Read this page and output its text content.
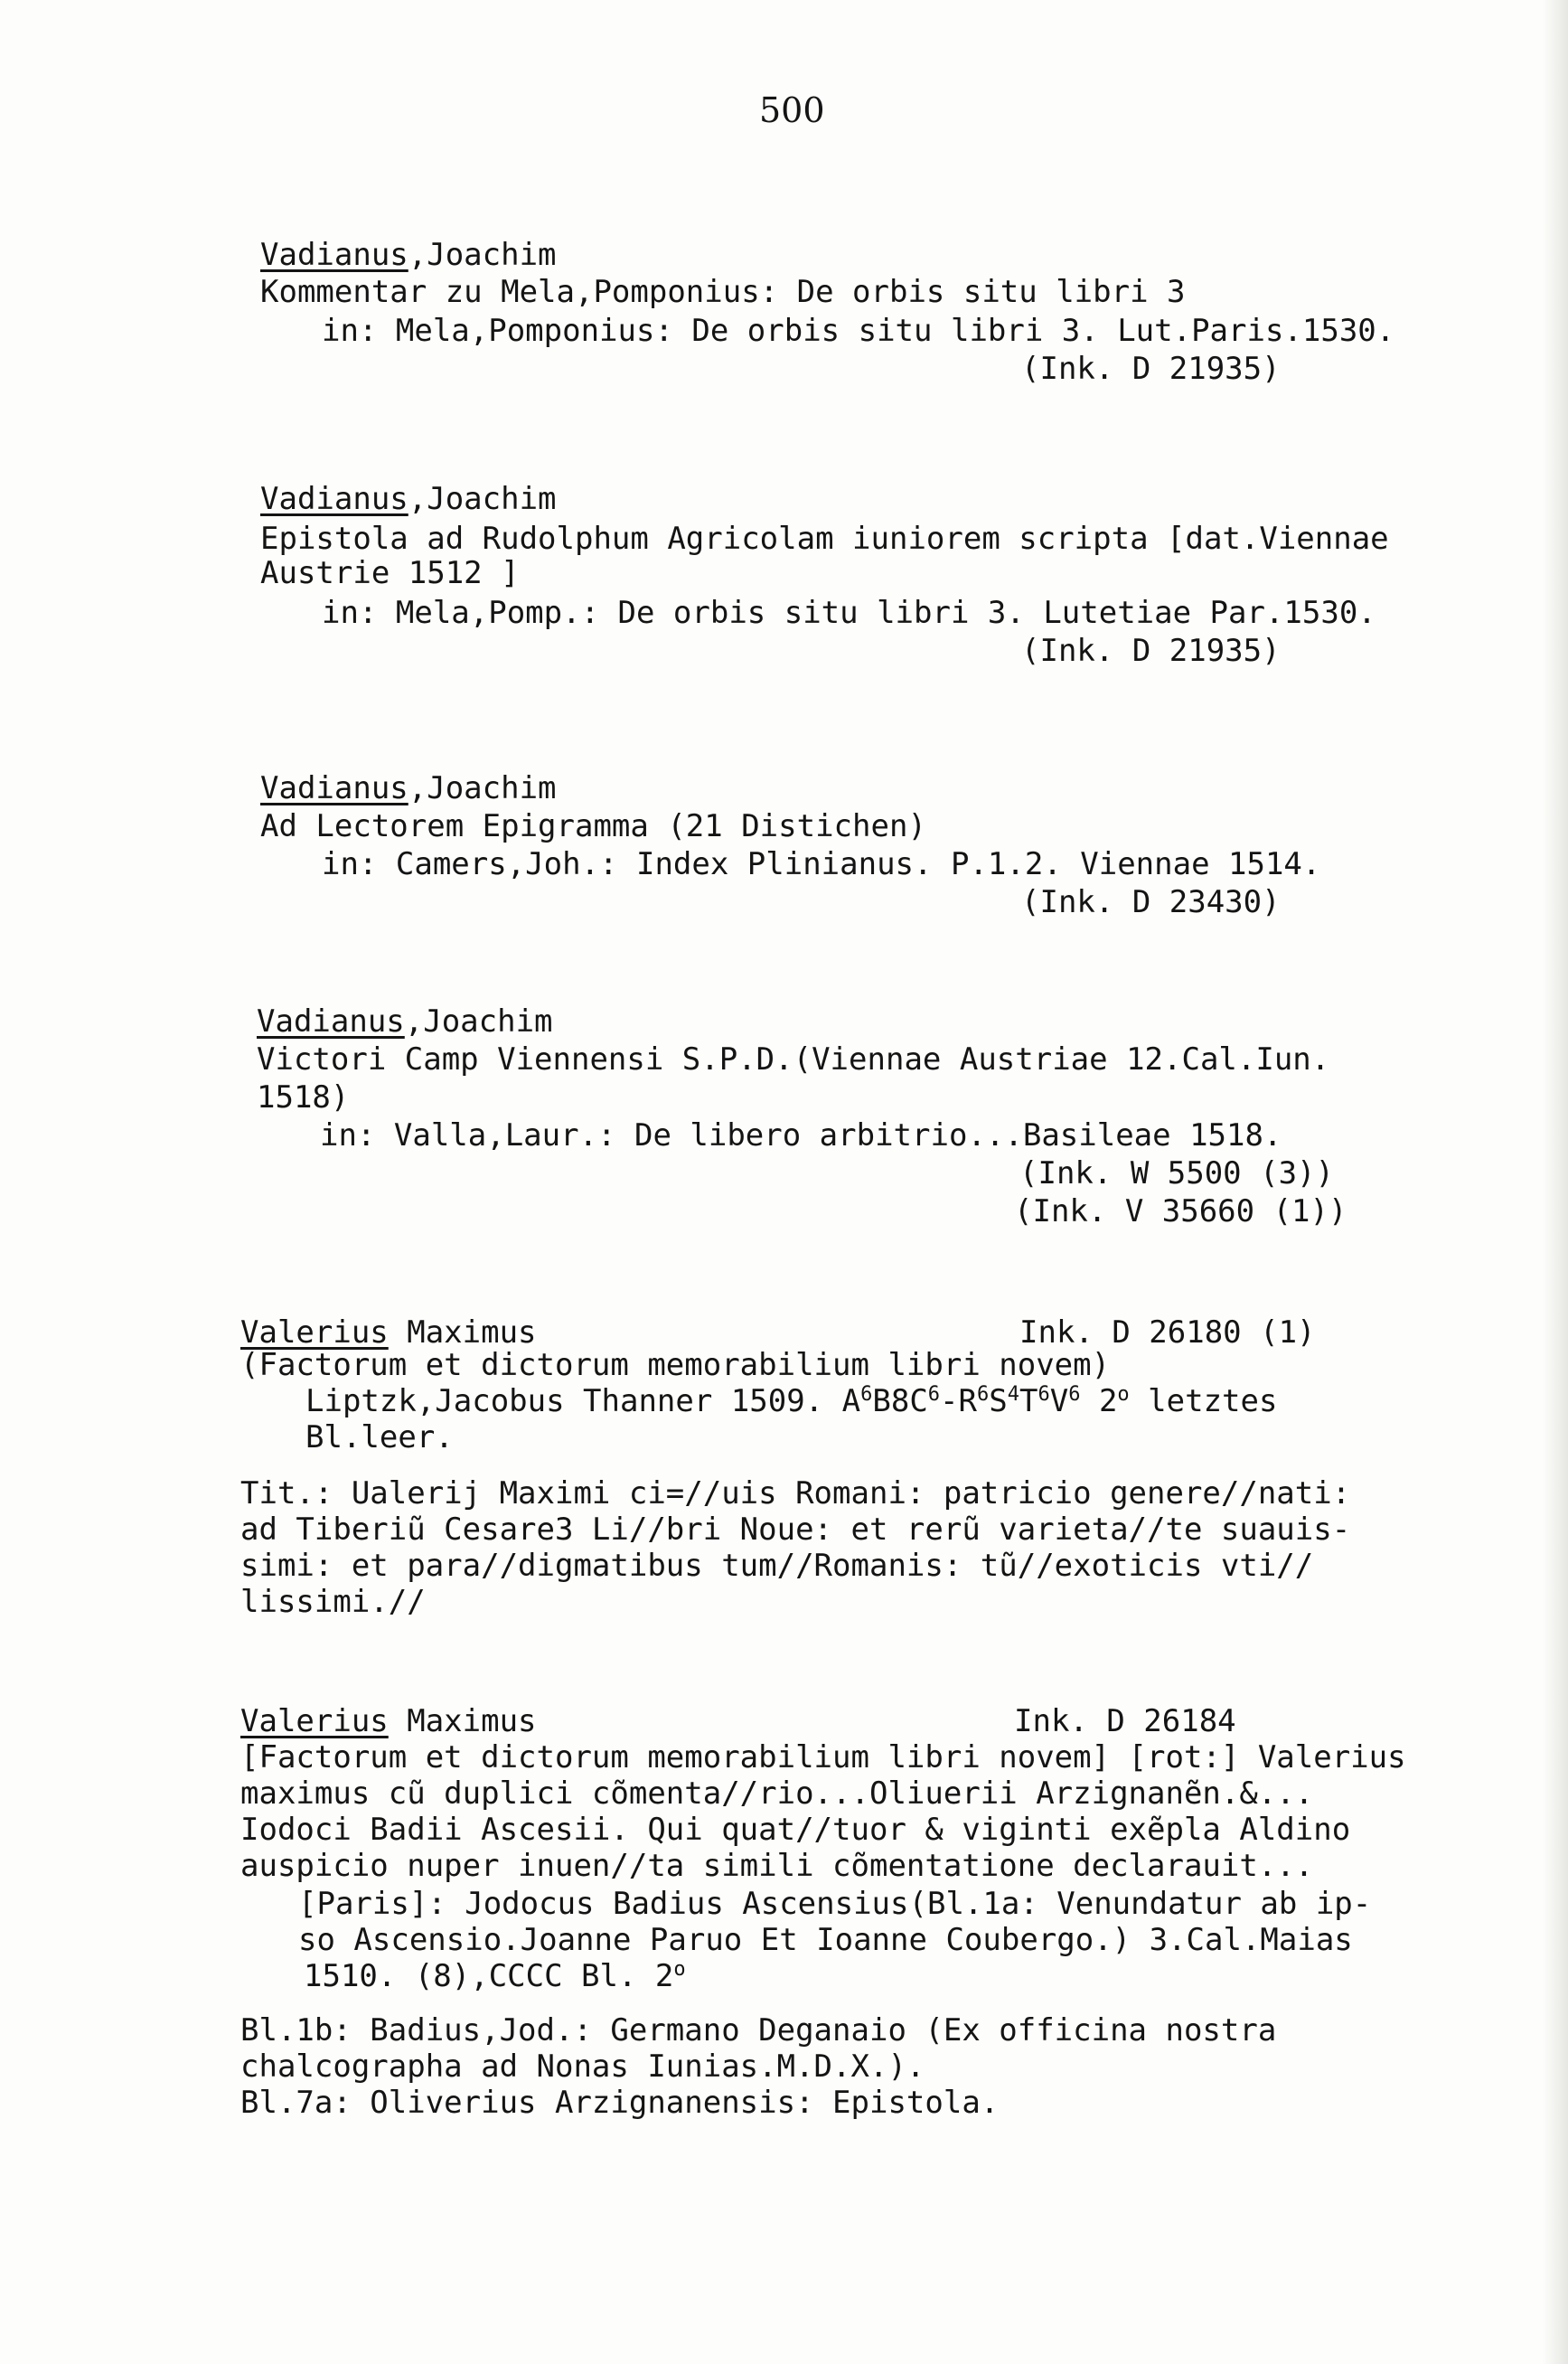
500
Vadianus,Joachim
Kommentar zu Mela,Pomponius: De orbis situ libri 3
in: Mela,Pomponius: De orbis situ libri 3. Lut.Paris.1530.
(Ink. D 21935)
Vadianus,Joachim
Epistola ad Rudolphum Agricolam iuniorem scripta [dat.Viennae
Austrie 1512 ]
in: Mela,Pomp.: De orbis situ libri 3. Lutetiae Par.1530.
(Ink. D 21935)
Vadianus,Joachim
Ad Lectorem Epigramma (21 Distichen)
in: Camers,Joh.: Index Plinianus. P.1.2. Viennae 1514.
(Ink. D 23430)
Vadianus,Joachim
Victori Camp Viennensi S.P.D.(Viennae Austriae 12.Cal.Iun.
1518)
in: Valla,Laur.: De libero arbitrio...Basileae 1518.
(Ink. W 5500 (3))
(Ink. V 35660 (1))
Valerius Maximus	Ink. D 26180 (1)
(Factorum et dictorum memorabilium libri novem)
Liptzk,Jacobus Thanner 1509. $A^6B8C^6-R^6S^4T^6V^6$ 2$^o$ letztes
Bl.leer.
Tit.: Ualerij Maximi ci=//uis Romani: patricio genere//nati:
ad Tiberiũ Cesare3 Li//bri Noue: et rerũ varieta//te suauis-
simi: et para//digmatibus tum//Romanis: tũ//exoticis vti//
lissimi.//
Valerius Maximus	Ink. D 26184
[Factorum et dictorum memorabilium libri novem] [rot:] Valerius
maximus cũ duplici cõmenta//rio...Oliuerii Arzignanẽn.&...
Iodoci Badii Ascesii. Qui quat//tuor & viginti exẽpla Aldino
auspicio nuper inuen//ta simili cõmentatione declarauit...
[Paris]: Jodocus Badius Ascensius(Bl.1a: Venundatur ab ip-
so Ascensio.Joanne Paruo Et Ioanne Coubergo.) 3.Cal.Maias
1510. (8),CCCC Bl. 2$^o$
Bl.1b: Badius,Jod.: Germano Deganaio (Ex officina nostra
chalcographa ad Nonas Iunias.M.D.X.).
Bl.7a: Oliverius Arzignanensis: Epistola.
